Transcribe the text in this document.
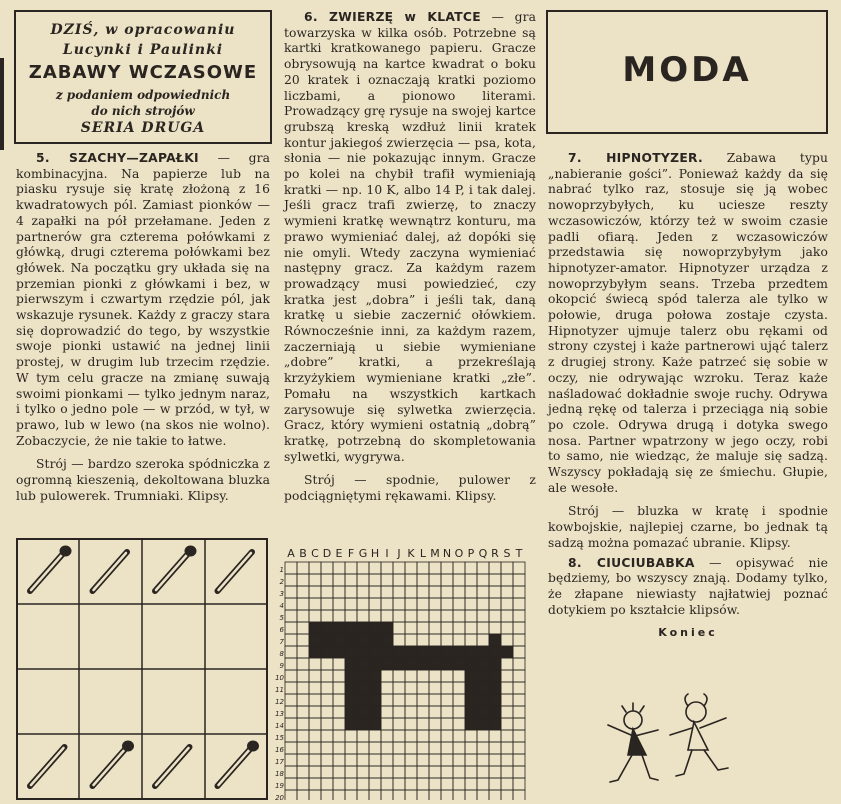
DZIŚ, w opracowaniu
Lucynki i Paulinki
ZABAWY WCZASOWE
z podaniem odpowiednich
do nich strojów
SERIA DRUGA

5. SZACHY—ZAPAŁKI — gra kombinacyjna. Na papierze lub na piasku rysuje się kratę złożoną z 16 kwadratowych pól. Zamiast pionków — 4 zapałki na pół przełamane. Jeden z partnerów gra czterema połówkami z główką, drugi czterema połówkami bez główek. Na początku gry układa się na przemian pionki z główkami i bez, w pierwszym i czwartym rzędzie pól, jak wskazuje rysunek. Każdy z graczy stara się doprowadzić do tego, by wszystkie swoje pionki ustawić na jednej linii prostej, w drugim lub trzecim rzędzie. W tym celu gracze na zmianę suwają swoimi pionkami — tylko jednym naraz, i tylko o jedno pole — w przód, w tył, w prawo, lub w lewo (na skos nie wolno). Zobaczycie, że nie takie to łatwe.

Strój — bardzo szeroka spódniczka z ogromną kieszenią, dekoltowana bluzka lub pulowerek. Trumniaki. Klipsy.

6. ZWIERZĘ w KLATCE — gra towarzyska w kilka osób. Potrzebne są kartki kratkowanego papieru. Gracze obrysowują na kartce kwadrat o boku 20 kratek i oznaczają kratki poziomo liczbami, a pionowo literami. Prowadzący grę rysuje na swojej kartce grubszą kreską wzdłuż linii kratek kontur jakiegoś zwierzęcia — psa, kota, słonia — nie pokazując innym. Gracze po kolei na chybił trafił wymieniają kratki — np. 10 K, albo 14 P, i tak dalej. Jeśli gracz trafi zwierzę, to znaczy wymieni kratkę wewnątrz konturu, ma prawo wymieniać dalej, aż dopóki się nie omyli. Wtedy zaczyna wymieniać następny gracz. Za każdym razem prowadzący musi powiedzieć, czy kratka jest „dobra” i jeśli tak, daną kratkę u siebie zaczernić ołówkiem. Równocześnie inni, za każdym razem, zaczerniają u siebie wymieniane „dobre” kratki, a przekreślają krzyżykiem wymieniane kratki „złe”. Pomału na wszystkich kartkach zarysowuje się sylwetka zwierzęcia. Gracz, który wymieni ostatnią „dobrą” kratkę, potrzebną do skompletowania sylwetki, wygrywa.

Strój — spodnie, pulower z podciągniętymi rękawami. Klipsy.

A B C D E F G H I J K L M N O P Q R S T
1
2
3
4
5
6
7
8
9
10
11
12
13
14
15
16
17
18
19
20
MODA

7. HIPNOTYZER. Zabawa typu „nabieranie gości”. Ponieważ każdy da się nabrać tylko raz, stosuje się ją wobec nowoprzybyłych, ku uciesze reszty wczasowiczów, którzy też w swoim czasie padli ofiarą. Jeden z wczasowiczów przedstawia się nowoprzybyłym jako hipnotyzer-amator. Hipnotyzer urządza z nowoprzybyłym seans. Trzeba przedtem okopcić świecą spód talerza ale tylko w połowie, druga połowa zostaje czysta. Hipnotyzer ujmuje talerz obu rękami od strony czystej i każe partnerowi ująć talerz z drugiej strony. Każe patrzeć się sobie w oczy, nie odrywając wzroku. Teraz każe naśladować dokładnie swoje ruchy. Odrywa jedną rękę od talerza i przeciąga nią sobie po czole. Odrywa drugą i dotyka swego nosa. Partner wpatrzony w jego oczy, robi to samo, nie wiedząc, że maluje się sadzą. Wszyscy pokładają się ze śmiechu. Głupie, ale wesołe.

Strój — bluzka w kratę i spodnie kowbojskie, najlepiej czarne, bo jednak tą sadzą można pomazać ubranie. Klipsy.

8. CIUCIUBABKA — opisywać nie będziemy, bo wszyscy znają. Dodamy tylko, że złapane niewiasty najłatwiej poznać dotykiem po kształcie klipsów.

Koniec
